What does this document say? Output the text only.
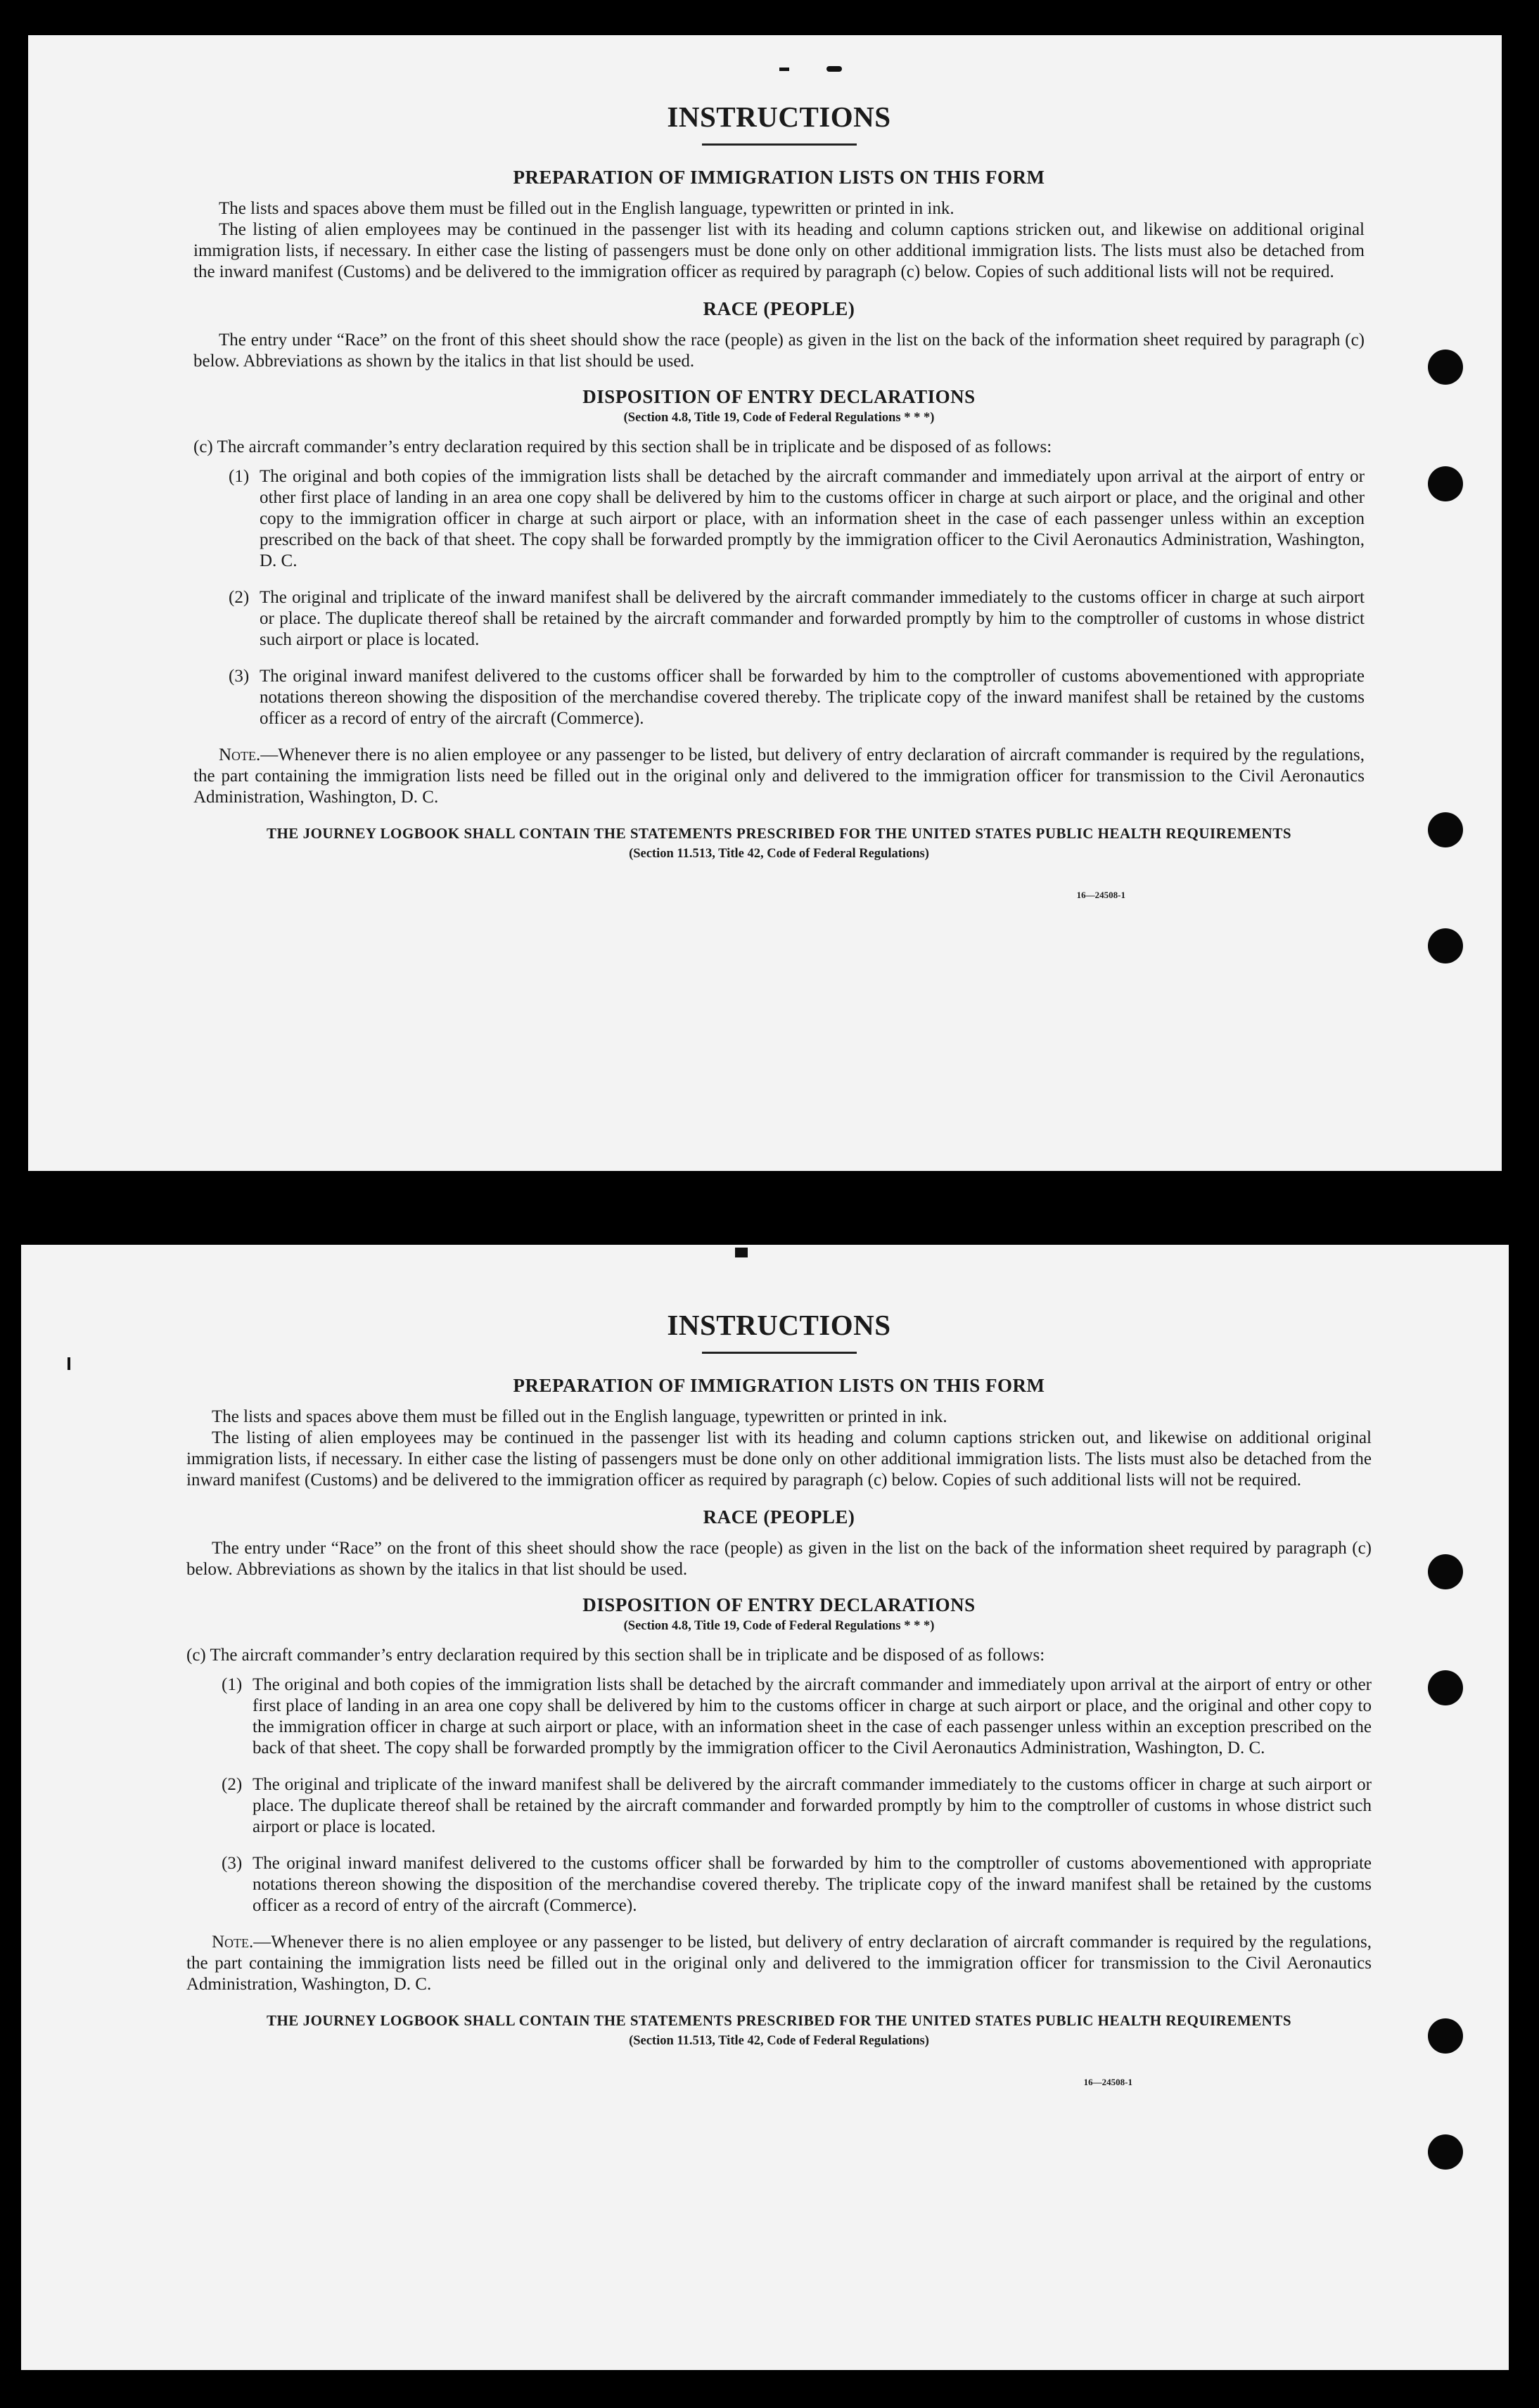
INSTRUCTIONS
PREPARATION OF IMMIGRATION LISTS ON THIS FORM

The lists and spaces above them must be filled out in the English language, typewritten or printed in ink.

The listing of alien employees may be continued in the passenger list with its heading and column captions stricken out, and likewise on additional original immigration lists, if necessary. In either case the listing of passengers must be done only on other additional immigration lists. The lists must also be detached from the inward manifest (Customs) and be delivered to the immigration officer as required by paragraph (c) below. Copies of such additional lists will not be required.

RACE (PEOPLE)

The entry under “Race” on the front of this sheet should show the race (people) as given in the list on the back of the information sheet required by paragraph (c) below. Abbreviations as shown by the italics in that list should be used.

DISPOSITION OF ENTRY DECLARATIONS
(Section 4.8, Title 19, Code of Federal Regulations * * *)
(c) The aircraft commander’s entry declaration required by this section shall be in triplicate and be disposed of as follows:
(1) The original and both copies of the immigration lists shall be detached by the aircraft commander and immediately upon arrival at the airport of entry or other first place of landing in an area one copy shall be delivered by him to the customs officer in charge at such airport or place, and the original and other copy to the immigration officer in charge at such airport or place, with an information sheet in the case of each passenger unless within an exception prescribed on the back of that sheet. The copy shall be forwarded promptly by the immigration officer to the Civil Aeronautics Administration, Washington, D. C.
(2) The original and triplicate of the inward manifest shall be delivered by the aircraft commander immediately to the customs officer in charge at such airport or place. The duplicate thereof shall be retained by the aircraft commander and forwarded promptly by him to the comptroller of customs in whose district such airport or place is located.
(3) The original inward manifest delivered to the customs officer shall be forwarded by him to the comptroller of customs abovementioned with appropriate notations thereon showing the disposition of the merchandise covered thereby. The triplicate copy of the inward manifest shall be retained by the customs officer as a record of entry of the aircraft (Commerce).
Note.—Whenever there is no alien employee or any passenger to be listed, but delivery of entry declaration of aircraft commander is required by the regulations, the part containing the immigration lists need be filled out in the original only and delivered to the immigration officer for transmission to the Civil Aeronautics Administration, Washington, D. C.
THE JOURNEY LOGBOOK SHALL CONTAIN THE STATEMENTS PRESCRIBED FOR THE UNITED STATES PUBLIC HEALTH REQUIREMENTS
(Section 11.513, Title 42, Code of Federal Regulations)
16—24508-1
INSTRUCTIONS
PREPARATION OF IMMIGRATION LISTS ON THIS FORM

The lists and spaces above them must be filled out in the English language, typewritten or printed in ink.

The listing of alien employees may be continued in the passenger list with its heading and column captions stricken out, and likewise on additional original immigration lists, if necessary. In either case the listing of passengers must be done only on other additional immigration lists. The lists must also be detached from the inward manifest (Customs) and be delivered to the immigration officer as required by paragraph (c) below. Copies of such additional lists will not be required.

RACE (PEOPLE)

The entry under “Race” on the front of this sheet should show the race (people) as given in the list on the back of the information sheet required by paragraph (c) below. Abbreviations as shown by the italics in that list should be used.

DISPOSITION OF ENTRY DECLARATIONS
(Section 4.8, Title 19, Code of Federal Regulations * * *)
(c) The aircraft commander’s entry declaration required by this section shall be in triplicate and be disposed of as follows:
(1) The original and both copies of the immigration lists shall be detached by the aircraft commander and immediately upon arrival at the airport of entry or other first place of landing in an area one copy shall be delivered by him to the customs officer in charge at such airport or place, and the original and other copy to the immigration officer in charge at such airport or place, with an information sheet in the case of each passenger unless within an exception prescribed on the back of that sheet. The copy shall be forwarded promptly by the immigration officer to the Civil Aeronautics Administration, Washington, D. C.
(2) The original and triplicate of the inward manifest shall be delivered by the aircraft commander immediately to the customs officer in charge at such airport or place. The duplicate thereof shall be retained by the aircraft commander and forwarded promptly by him to the comptroller of customs in whose district such airport or place is located.
(3) The original inward manifest delivered to the customs officer shall be forwarded by him to the comptroller of customs abovementioned with appropriate notations thereon showing the disposition of the merchandise covered thereby. The triplicate copy of the inward manifest shall be retained by the customs officer as a record of entry of the aircraft (Commerce).
Note.—Whenever there is no alien employee or any passenger to be listed, but delivery of entry declaration of aircraft commander is required by the regulations, the part containing the immigration lists need be filled out in the original only and delivered to the immigration officer for transmission to the Civil Aeronautics Administration, Washington, D. C.
THE JOURNEY LOGBOOK SHALL CONTAIN THE STATEMENTS PRESCRIBED FOR THE UNITED STATES PUBLIC HEALTH REQUIREMENTS
(Section 11.513, Title 42, Code of Federal Regulations)
16—24508-1
